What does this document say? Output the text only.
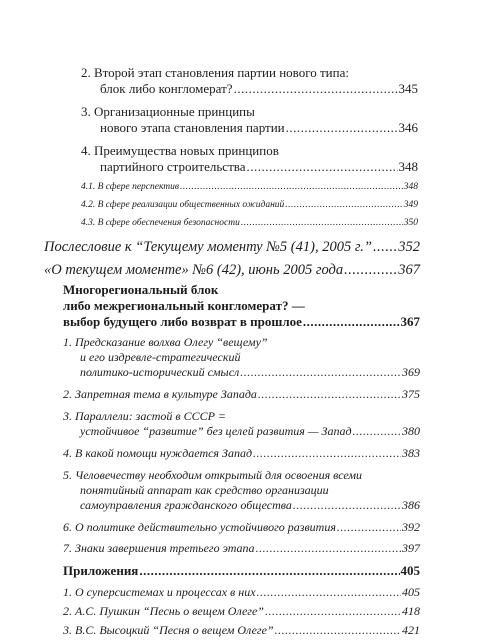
2. Второй этап становления партии нового типа:
блок либо конгломерат? .....	345
3. Организационные принципы
нового этапа становления партии .....	346
4. Преимущества новых принципов
партийного строительства .....	348
4.1. В сфере перспектив .....	348
4.2. В сфере реализации общественных ожиданий .....	349
4.3. В сфере обеспечения безопасности .....	350
Послесловие к “Текущему моменту №5 (41), 2005 г.” ..... 352
«О текущем моменте» №6 (42), июнь 2005 года .....	367
Многорегиональный блок
либо межрегиональный конгломерат? —
выбор будущего либо возврат в прошлое .....	367
1. Предсказание волхва Олегу “вещему”
и его издревле-стратегический
политико-исторический смысл .....	369
2. Запретная тема в культуре Запада .....	375
3. Параллели: застой в СССР =
устойчивое “развитие” без целей развития — Запад .....	380
4. В какой помощи нуждается Запад .....	383
5. Человечеству необходим открытый для освоения всеми
понятийный аппарат как средство организации
самоуправления гражданского общества .....	386
6. О политике действительно устойчивого развития .....	392
7. Знаки завершения третьего этапа .....	397
Приложения .....	405
1. О суперсистемах и процессах в них .....	405
2. А.С. Пушкин “Песнь о вещем Олеге” .....	418
3. В.С. Высоцкий “Песня о вещем Олеге” .....	421
